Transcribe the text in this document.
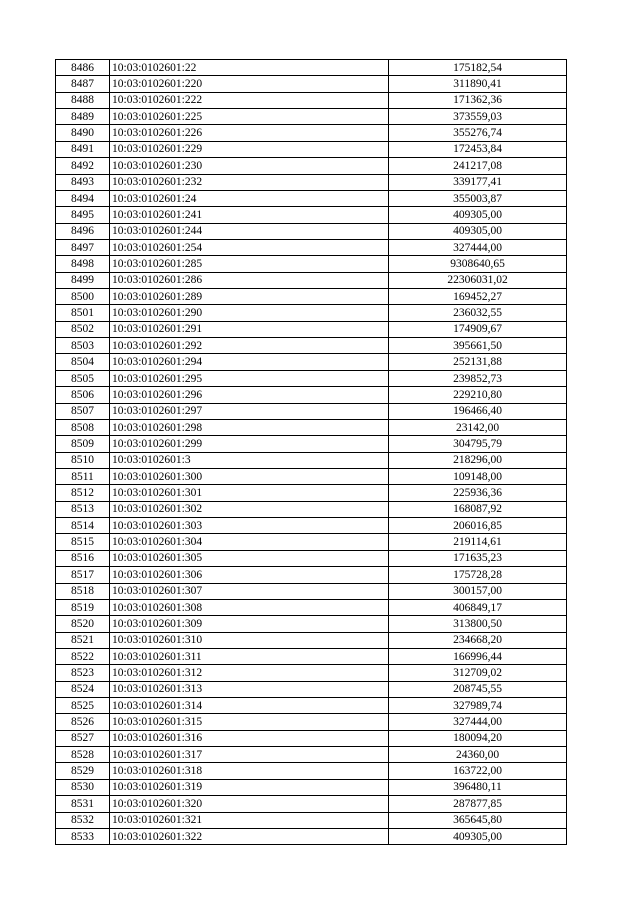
8486	10:03:0102601:22	175182,54
8487	10:03:0102601:220	311890,41
8488	10:03:0102601:222	171362,36
8489	10:03:0102601:225	373559,03
8490	10:03:0102601:226	355276,74
8491	10:03:0102601:229	172453,84
8492	10:03:0102601:230	241217,08
8493	10:03:0102601:232	339177,41
8494	10:03:0102601:24	355003,87
8495	10:03:0102601:241	409305,00
8496	10:03:0102601:244	409305,00
8497	10:03:0102601:254	327444,00
8498	10:03:0102601:285	9308640,65
8499	10:03:0102601:286	22306031,02
8500	10:03:0102601:289	169452,27
8501	10:03:0102601:290	236032,55
8502	10:03:0102601:291	174909,67
8503	10:03:0102601:292	395661,50
8504	10:03:0102601:294	252131,88
8505	10:03:0102601:295	239852,73
8506	10:03:0102601:296	229210,80
8507	10:03:0102601:297	196466,40
8508	10:03:0102601:298	23142,00
8509	10:03:0102601:299	304795,79
8510	10:03:0102601:3	218296,00
8511	10:03:0102601:300	109148,00
8512	10:03:0102601:301	225936,36
8513	10:03:0102601:302	168087,92
8514	10:03:0102601:303	206016,85
8515	10:03:0102601:304	219114,61
8516	10:03:0102601:305	171635,23
8517	10:03:0102601:306	175728,28
8518	10:03:0102601:307	300157,00
8519	10:03:0102601:308	406849,17
8520	10:03:0102601:309	313800,50
8521	10:03:0102601:310	234668,20
8522	10:03:0102601:311	166996,44
8523	10:03:0102601:312	312709,02
8524	10:03:0102601:313	208745,55
8525	10:03:0102601:314	327989,74
8526	10:03:0102601:315	327444,00
8527	10:03:0102601:316	180094,20
8528	10:03:0102601:317	24360,00
8529	10:03:0102601:318	163722,00
8530	10:03:0102601:319	396480,11
8531	10:03:0102601:320	287877,85
8532	10:03:0102601:321	365645,80
8533	10:03:0102601:322	409305,00
